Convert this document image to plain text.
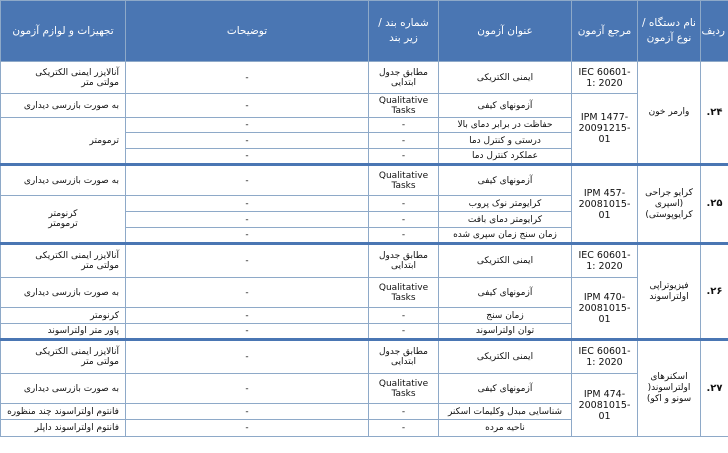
ردیف	نام دستگاه / نوع آزمون	مرجع آزمون	عنوان آزمون	شماره بند / زیر بند	توضیحات	تجهیزات و لوازم آزمون
۲۴.	وارمر خون	IEC 60601-1: 2020	ایمنی الکتریکی	مطابق جدول ابتدایی	-	آنالایزر ایمنی الکتریکی
مولتی متر
		IPM 1477-20091215-01	آزمونهای کیفی	Qualitative Tasks	-	به صورت بازرسی دیداری
			حفاظت در برابر دمای بالا	-	-	ترمومتر
			درستی و کنترل دما	-	-	
			عملکرد کنترل دما	-	-	
۲۵.	کرایو جراحی (اسپری کرایوپوستی)	IPM 457-20081015-01	آزمونهای کیفی	Qualitative Tasks	-	به صورت بازرسی دیداری
			کرایومتر نوک پروب	-	-	کرنومتر
ترمومتر
			کرایومتر دمای بافت	-	-	
			زمان سنج زمان سپری شده	-	-	
۲۶.	فیزیوتراپی اولتراسوند	IEC 60601-1: 2020	ایمنی الکتریکی	مطابق جدول ابتدایی	-	آنالایزر ایمنی الکتریکی
مولتی متر
		IPM 470-20081015-01	آزمونهای کیفی	Qualitative Tasks	-	به صورت بازرسی دیداری
			زمان سنج	-	-	کرنومتر
			توان اولتراسوند	-	-	پاور متر اولتراسوند
۲۷.	اسکنرهای اولتراسوند( سونو و اکو)	IEC 60601-1: 2020	ایمنی الکتریکی	مطابق جدول ابتدایی	-	آنالایزر ایمنی الکتریکی
مولتی متر
		IPM 474-20081015-01	آزمونهای کیفی	Qualitative Tasks	-	به صورت بازرسی دیداری
			شناسایی مبدل وکلیمات اسکنر	-	-	فانتوم اولتراسوند چند منظوره
			ناحیه مرده	-	-	فانتوم اولتراسوند داپلر
